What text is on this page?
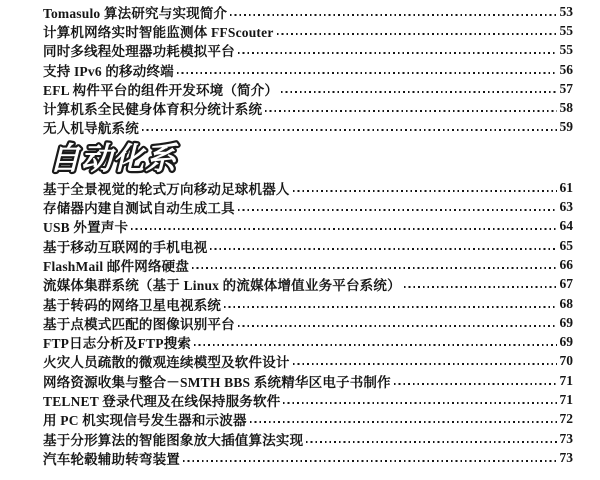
Tomasulo 算法研究与实现简介	53
计算机网络实时智能监测体 FFScouter	55
同时多线程处理器功耗模拟平台	55
支持 IPv6 的移动终端	56
EFL 构件平台的组件开发环境（简介）	57
计算机系全民健身体育积分统计系统	58
无人机导航系统	59
自动化系
基于全景视觉的轮式万向移动足球机器人	61
存储器内建自测试自动生成工具	63
USB 外置声卡	64
基于移动互联网的手机电视	65
FlashMail 邮件网络硬盘	66
流媒体集群系统（基于 Linux 的流媒体增值业务平台系统）	67
基于转码的网络卫星电视系统	68
基于点模式匹配的图像识别平台	69
FTP日志分析及FTP搜索	69
火灾人员疏散的微观连续模型及软件设计	70
网络资源收集与整合－SMTH BBS 系统精华区电子书制作	71
TELNET 登录代理及在线保持服务软件	71
用 PC 机实现信号发生器和示波器	72
基于分形算法的智能图象放大插值算法实现	73
汽车轮毂辅助转弯装置	73
